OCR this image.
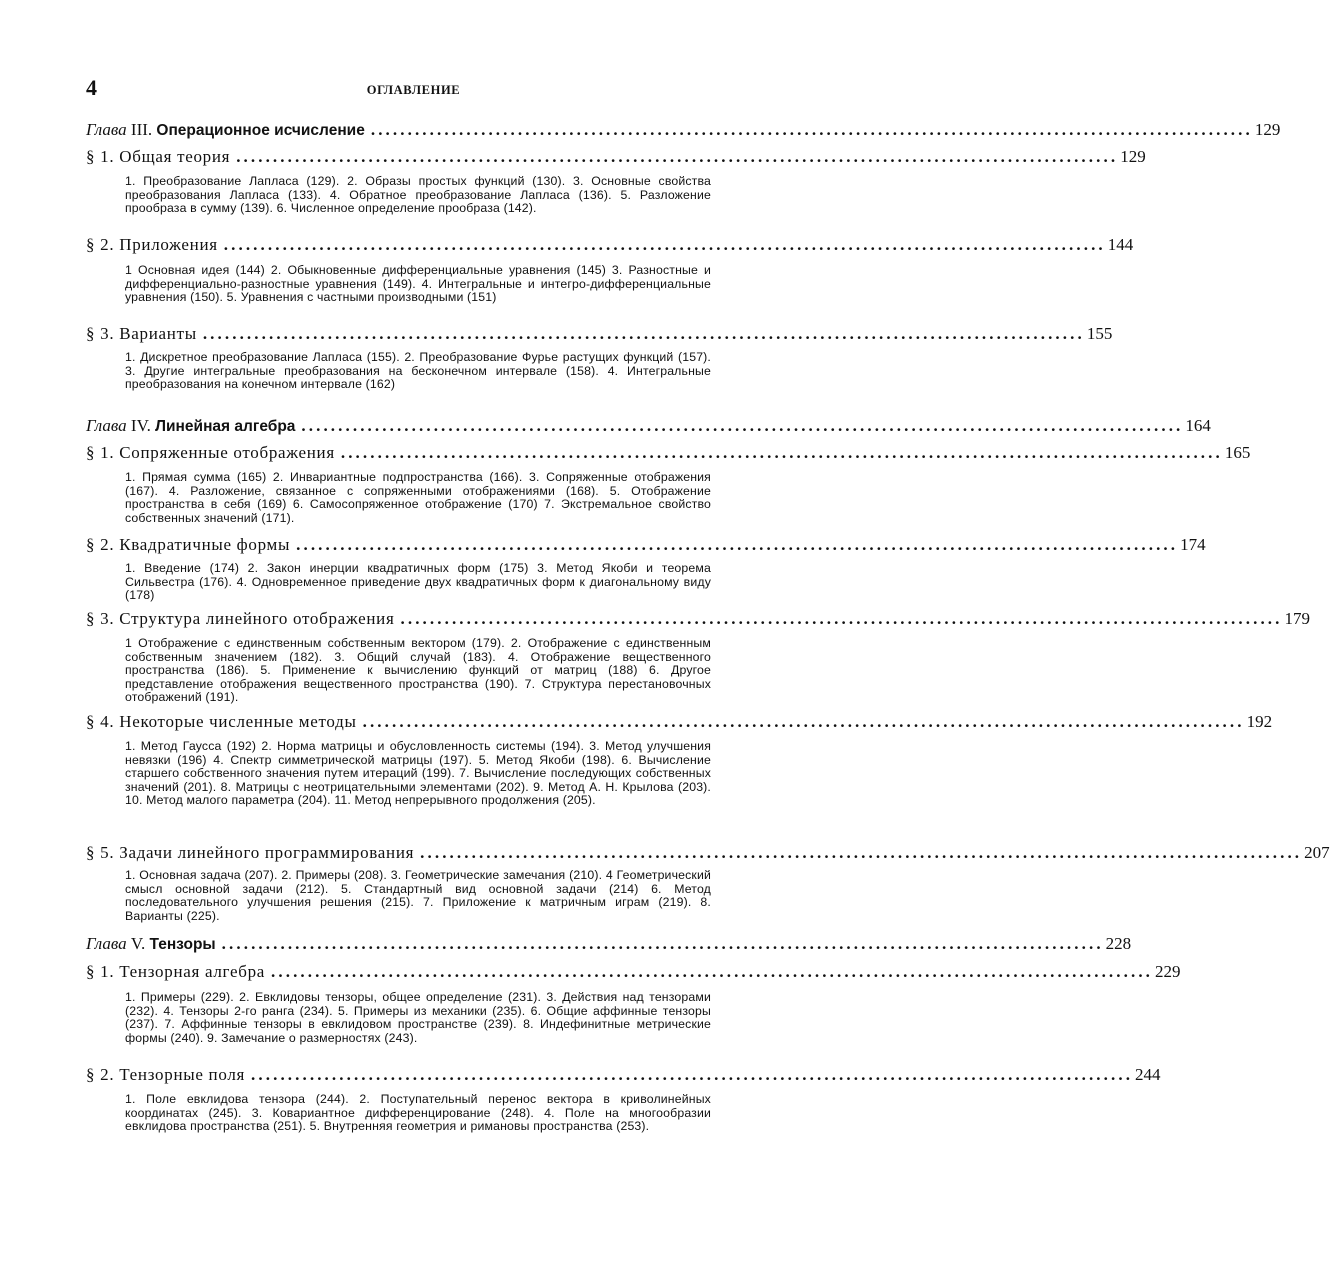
4	ОГЛАВЛЕНИЕ
Глава III. Операционное исчисление ........................................................................................................................ 129
§ 1. Общая теория ........................................................................................................................ 129
1. Преобразование Лапласа (129). 2. Образы простых функций (130). 3. Основные свойства преобразования Лапласа (133). 4. Обратное преобразование Лапласа (136). 5. Разложение прообраза в сумму (139). 6. Численное определение прообраза (142).
§ 2. Приложения ........................................................................................................................ 144
1 Основная идея (144) 2. Обыкновенные дифференциальные уравнения (145) 3. Разностные и дифференциально-разностные уравнения (149). 4. Интегральные и интегро-дифференциальные уравнения (150). 5. Уравнения с частными производными (151)
§ 3. Варианты ........................................................................................................................ 155
1. Дискретное преобразование Лапласа (155). 2. Преобразование Фурье растущих функций (157). 3. Другие интегральные преобразования на бесконечном интервале (158). 4. Интегральные преобразования на конечном интервале (162)
Глава IV. Линейная алгебра ........................................................................................................................ 164
§ 1. Сопряженные отображения ........................................................................................................................ 165
1. Прямая сумма (165) 2. Инвариантные подпространства (166). 3. Сопряженные отображения (167). 4. Разложение, связанное с сопряженными отображениями (168). 5. Отображение пространства в себя (169) 6. Самосопряженное отображение (170) 7. Экстремальное свойство собственных значений (171).
§ 2. Квадратичные формы ........................................................................................................................ 174
1. Введение (174) 2. Закон инерции квадратичных форм (175) 3. Метод Якоби и теорема Сильвестра (176). 4. Одновременное приведение двух квадратичных форм к диагональному виду (178)
§ 3. Структура линейного отображения ........................................................................................................................ 179
1 Отображение с единственным собственным вектором (179). 2. Отображение с единственным собственным значением (182). 3. Общий случай (183). 4. Отображение вещественного пространства (186). 5. Применение к вычислению функций от матриц (188) 6. Другое представление отображения вещественного пространства (190). 7. Структура перестановочных отображений (191).
§ 4. Некоторые численные методы ........................................................................................................................ 192
1. Метод Гаусса (192) 2. Норма матрицы и обусловленность системы (194). 3. Метод улучшения невязки (196) 4. Спектр симметрической матрицы (197). 5. Метод Якоби (198). 6. Вычисление старшего собственного значения путем итераций (199). 7. Вычисление последующих собственных значений (201). 8. Матрицы с неотрицательными элементами (202). 9. Метод А. Н. Крылова (203). 10. Метод малого параметра (204). 11. Метод непрерывного продолжения (205).
§ 5. Задачи линейного программирования ........................................................................................................................ 207
1. Основная задача (207). 2. Примеры (208). 3. Геометрические замечания (210). 4 Геометрический смысл основной задачи (212). 5. Стандартный вид основной задачи (214) 6. Метод последовательного улучшения решения (215). 7. Приложение к матричным играм (219). 8. Варианты (225).
Глава V. Тензоры ........................................................................................................................ 228
§ 1. Тензорная алгебра ........................................................................................................................ 229
1. Примеры (229). 2. Евклидовы тензоры, общее определение (231). 3. Действия над тензорами (232). 4. Тензоры 2-го ранга (234). 5. Примеры из механики (235). 6. Общие аффинные тензоры (237). 7. Аффинные тензоры в евклидовом пространстве (239). 8. Индефинитные метрические формы (240). 9. Замечание о размерностях (243).
§ 2. Тензорные поля ........................................................................................................................ 244
1. Поле евклидова тензора (244). 2. Поступательный перенос вектора в криволинейных координатах (245). 3. Ковариантное дифференцирование (248). 4. Поле на многообразии евклидова пространства (251). 5. Внутренняя геометрия и римановы пространства (253).
